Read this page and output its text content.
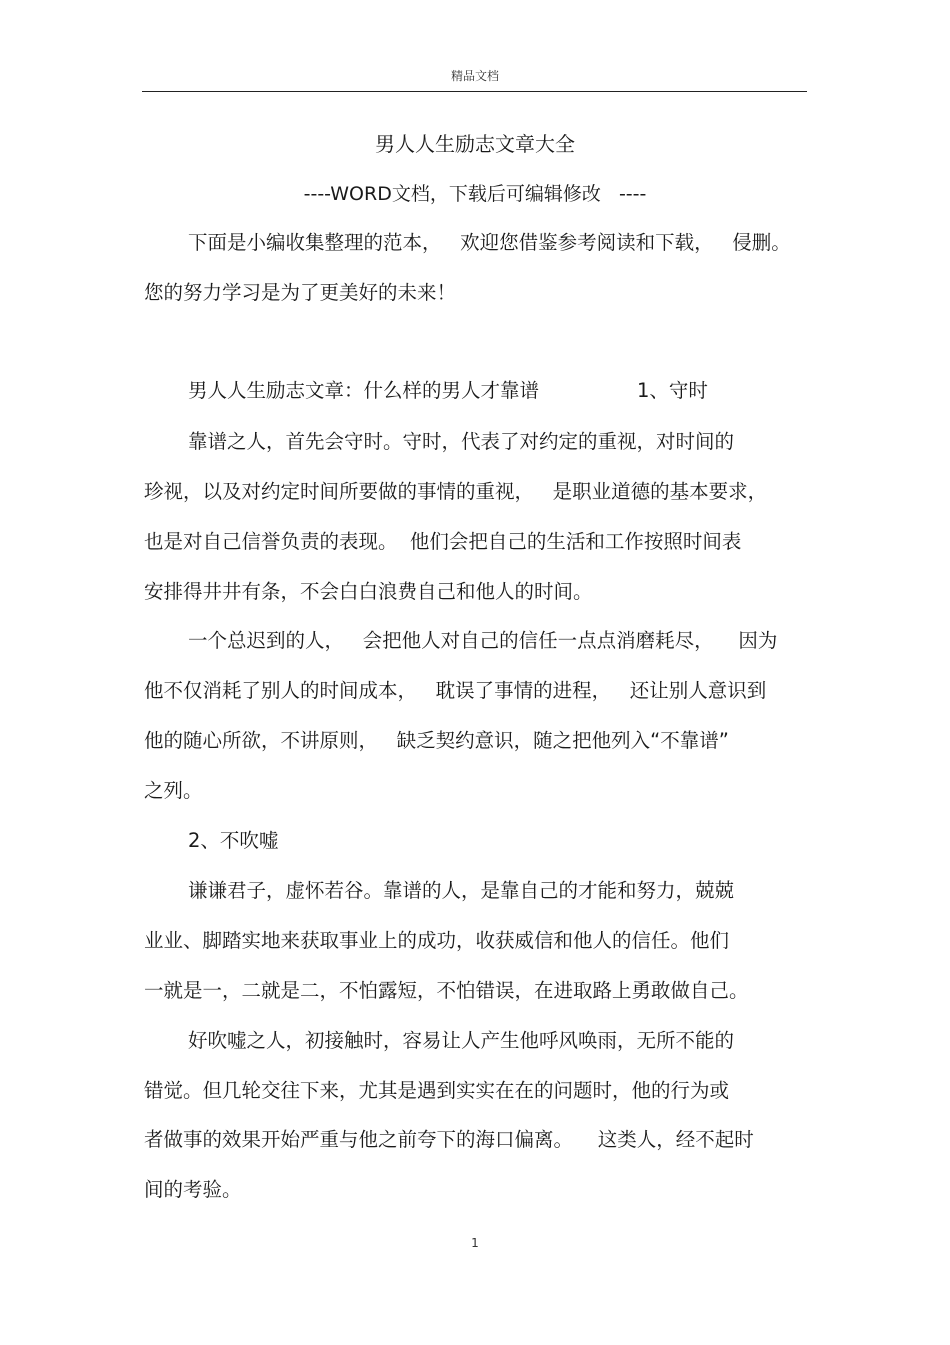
精品文档
男人人生励志文章大全
----WORD文档，下载后可编辑修改   ----
下面是小编收集整理的范本，   欢迎您借鉴参考阅读和下载，   侵删。
您的努力学习是为了更美好的未来！
男人人生励志文章：什么样的男人才靠谱	1、守时
靠谱之人，首先会守时。守时，代表了对约定的重视，对时间的
珍视，以及对约定时间所要做的事情的重视，   是职业道德的基本要求，
也是对自己信誉负责的表现。  他们会把自己的生活和工作按照时间表
安排得井井有条，不会白白浪费自己和他人的时间。
一个总迟到的人，   会把他人对自己的信任一点点消磨耗尽，    因为
他不仅消耗了别人的时间成本，   耽误了事情的进程，   还让别人意识到
他的随心所欲，不讲原则，   缺乏契约意识，随之把他列入“不靠谱”
之列。
2、不吹嘘
谦谦君子，虚怀若谷。靠谱的人，是靠自己的才能和努力，兢兢
业业、脚踏实地来获取事业上的成功，收获威信和他人的信任。他们
一就是一，二就是二，不怕露短，不怕错误，在进取路上勇敢做自己。
好吹嘘之人，初接触时，容易让人产生他呼风唤雨，无所不能的
错觉。但几轮交往下来，尤其是遇到实实在在的问题时，他的行为或
者做事的效果开始严重与他之前夸下的海口偏离。    这类人，经不起时
间的考验。
1
